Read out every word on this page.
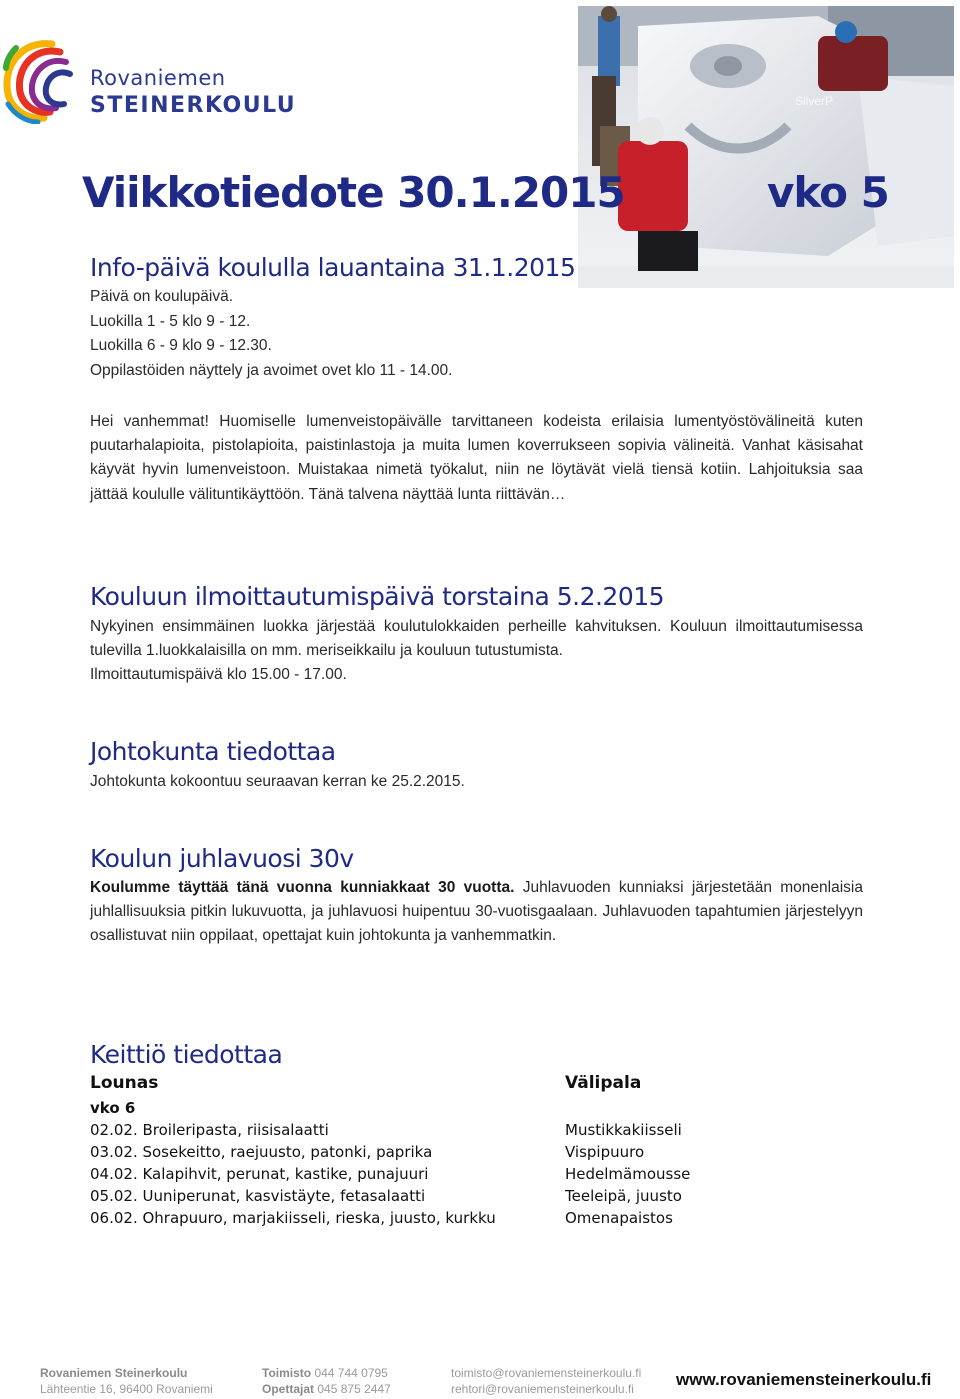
Rovaniemen
STEINERKOULU	SilverP
Viikkotiedote 30.1.2015	vko 5
Info-päivä koululla lauantaina 31.1.2015
Päivä on koulupäivä.
Luokilla 1 - 5 klo 9 - 12.
Luokilla 6 - 9 klo 9 - 12.30.
Oppilastöiden näyttely ja avoimet ovet klo 11 - 14.00.
Hei vanhemmat! Huomiselle lumenveistopäivälle tarvittaneen kodeista erilaisia lumentyöstövälineitä kuten puutarhalapioita, pistolapioita, paistinlastoja ja muita lumen koverrukseen sopivia välineitä. Vanhat käsisahat käyvät hyvin lumenveistoon. Muistakaa nimetä työkalut, niin ne löytävät vielä tiensä kotiin. Lahjoituksia saa jättää koululle välituntikäyttöön. Tänä talvena näyttää lunta riittävän…
Kouluun ilmoittautumispäivä torstaina 5.2.2015
Nykyinen ensimmäinen luokka järjestää koulutulokkaiden perheille kahvituksen. Kouluun ilmoittautumisessa tulevilla 1.luokkalaisilla on mm. meriseikkailu ja kouluun tutustumista.
Ilmoittautumispäivä klo 15.00 - 17.00.
Johtokunta tiedottaa
Johtokunta kokoontuu seuraavan kerran ke 25.2.2015.
Koulun juhlavuosi 30v
Koulumme täyttää tänä vuonna kunniakkaat 30 vuotta. Juhlavuoden kunniaksi järjestetään monenlaisia juhlallisuuksia pitkin lukuvuotta, ja juhlavuosi huipentuu 30-vuotisgaalaan. Juhlavuoden tapahtumien järjestelyyn osallistuvat niin oppilaat, opettajat kuin johtokunta ja vanhemmatkin.
Keittiö tiedottaa
Lounas	Välipala
vko 6
02.02. Broileripasta, riisisalaatti	Mustikkakiisseli
03.02. Sosekeitto, raejuusto, patonki, paprika	Vispipuuro
04.02. Kalapihvit, perunat, kastike, punajuuri	Hedelmämousse
05.02. Uuniperunat, kasvistäyte, fetasalaatti	Teeleipä, juusto
06.02. Ohrapuuro, marjakiisseli, rieska, juusto, kurkku	Omenapaistos
Rovaniemen Steinerkoulu
Lähteentie 16, 96400 Rovaniemi
Toimisto 044 744 0795
Opettajat 045 875 2447
toimisto@rovaniemensteinerkoulu.fi
rehtori@rovaniemensteinerkoulu.fi www.rovaniemensteinerkoulu.fi
